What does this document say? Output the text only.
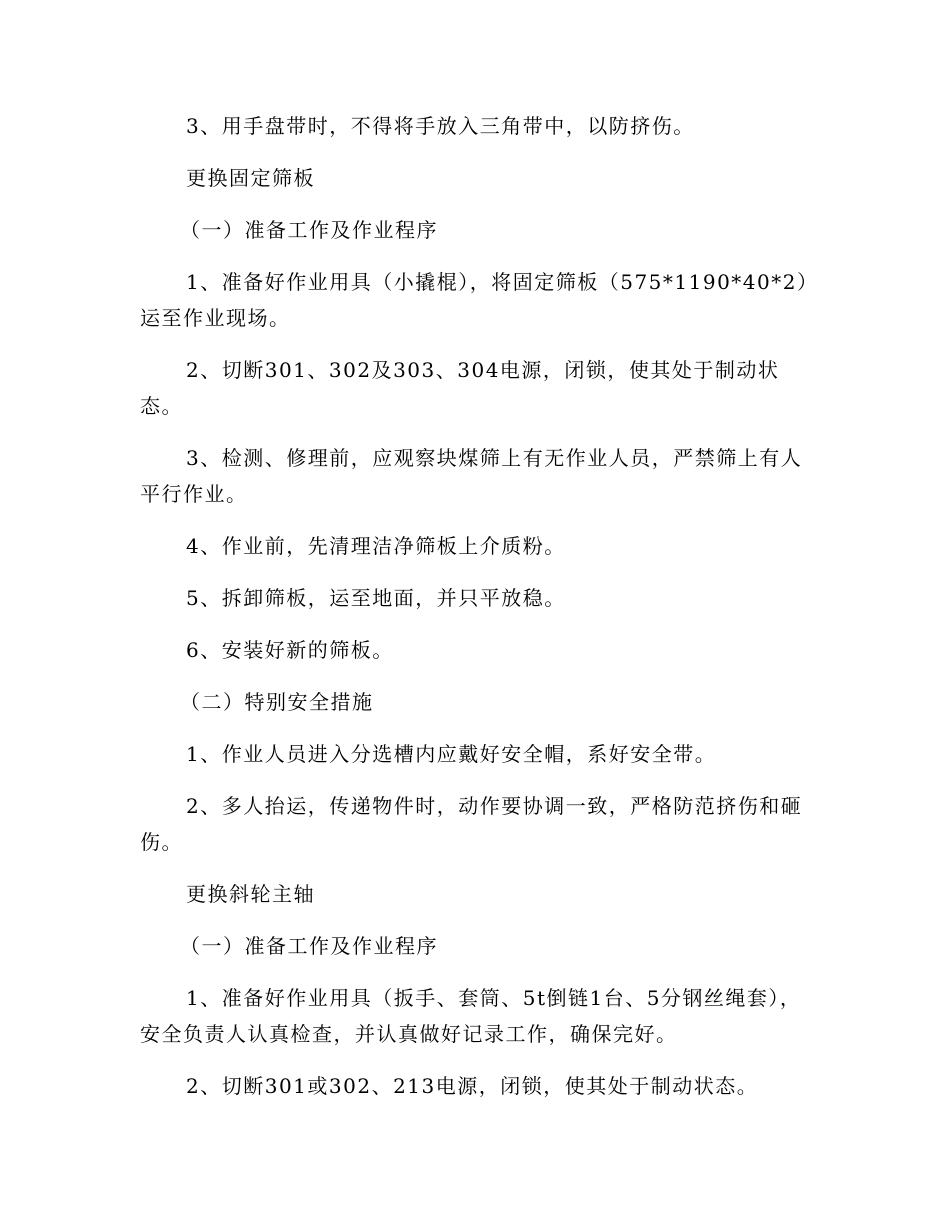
3、用手盘带时，不得将手放入三角带中，以防挤伤。

更换固定筛板

（一）准备工作及作业程序

1、准备好作业用具（小撬棍），将固定筛板（575*1190*40*2）运至作业现场。

2、切断301、302及303、304电源，闭锁，使其处于制动状态。

3、检测、修理前，应观察块煤筛上有无作业人员，严禁筛上有人平行作业。

4、作业前，先清理洁净筛板上介质粉。

5、拆卸筛板，运至地面，并只平放稳。

6、安装好新的筛板。

（二）特别安全措施

1、作业人员进入分选槽内应戴好安全帽，系好安全带。

2、多人抬运，传递物件时，动作要协调一致，严格防范挤伤和砸伤。

更换斜轮主轴

（一）准备工作及作业程序

1、准备好作业用具（扳手、套筒、5t倒链1台、5分钢丝绳套），安全负责人认真检查，并认真做好记录工作，确保完好。

2、切断301或302、213电源，闭锁，使其处于制动状态。
